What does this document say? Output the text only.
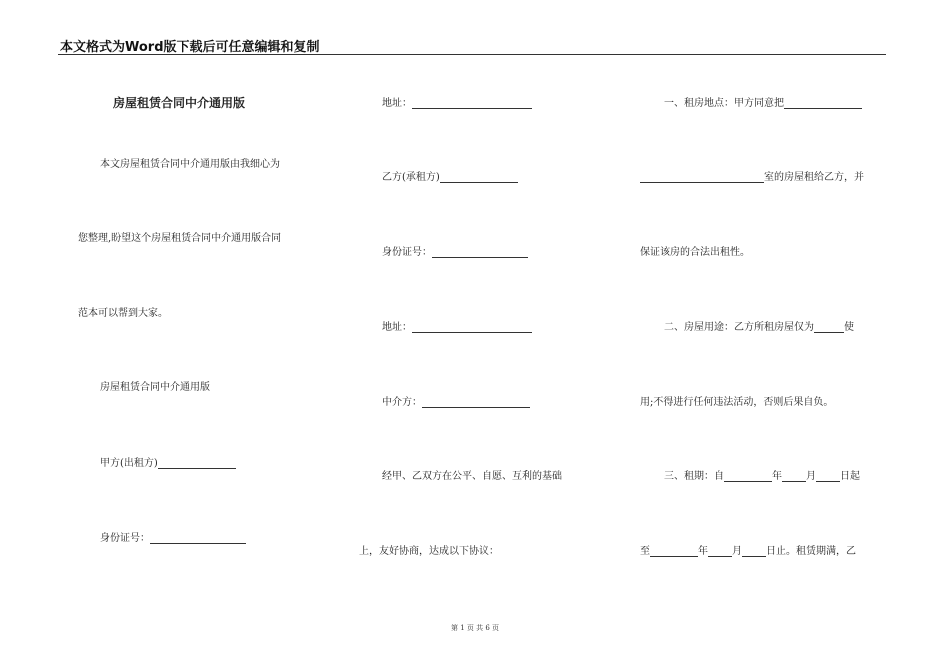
本文格式为Word版下载后可任意编辑和复制
房屋租赁合同中介通用版
本文房屋租赁合同中介通用版由我细心为
您整理,盼望这个房屋租赁合同中介通用版合同
范本可以帮到大家。
房屋租赁合同中介通用版
甲方(出租方)
身份证号：
地址：
乙方(承租方)
身份证号：
地址：
中介方：
经甲、乙双方在公平、自愿、互利的基础
上，友好协商，达成以下协议：
一、租房地点：甲方同意把
室的房屋租给乙方，并
保证该房的合法出租性。
二、房屋用途：乙方所租房屋仅为	使
用;不得进行任何违法活动，否则后果自负。
三、租期：自	年 月 日起
至	年 月 日止。租赁期满，乙
第 1 页 共 6 页
